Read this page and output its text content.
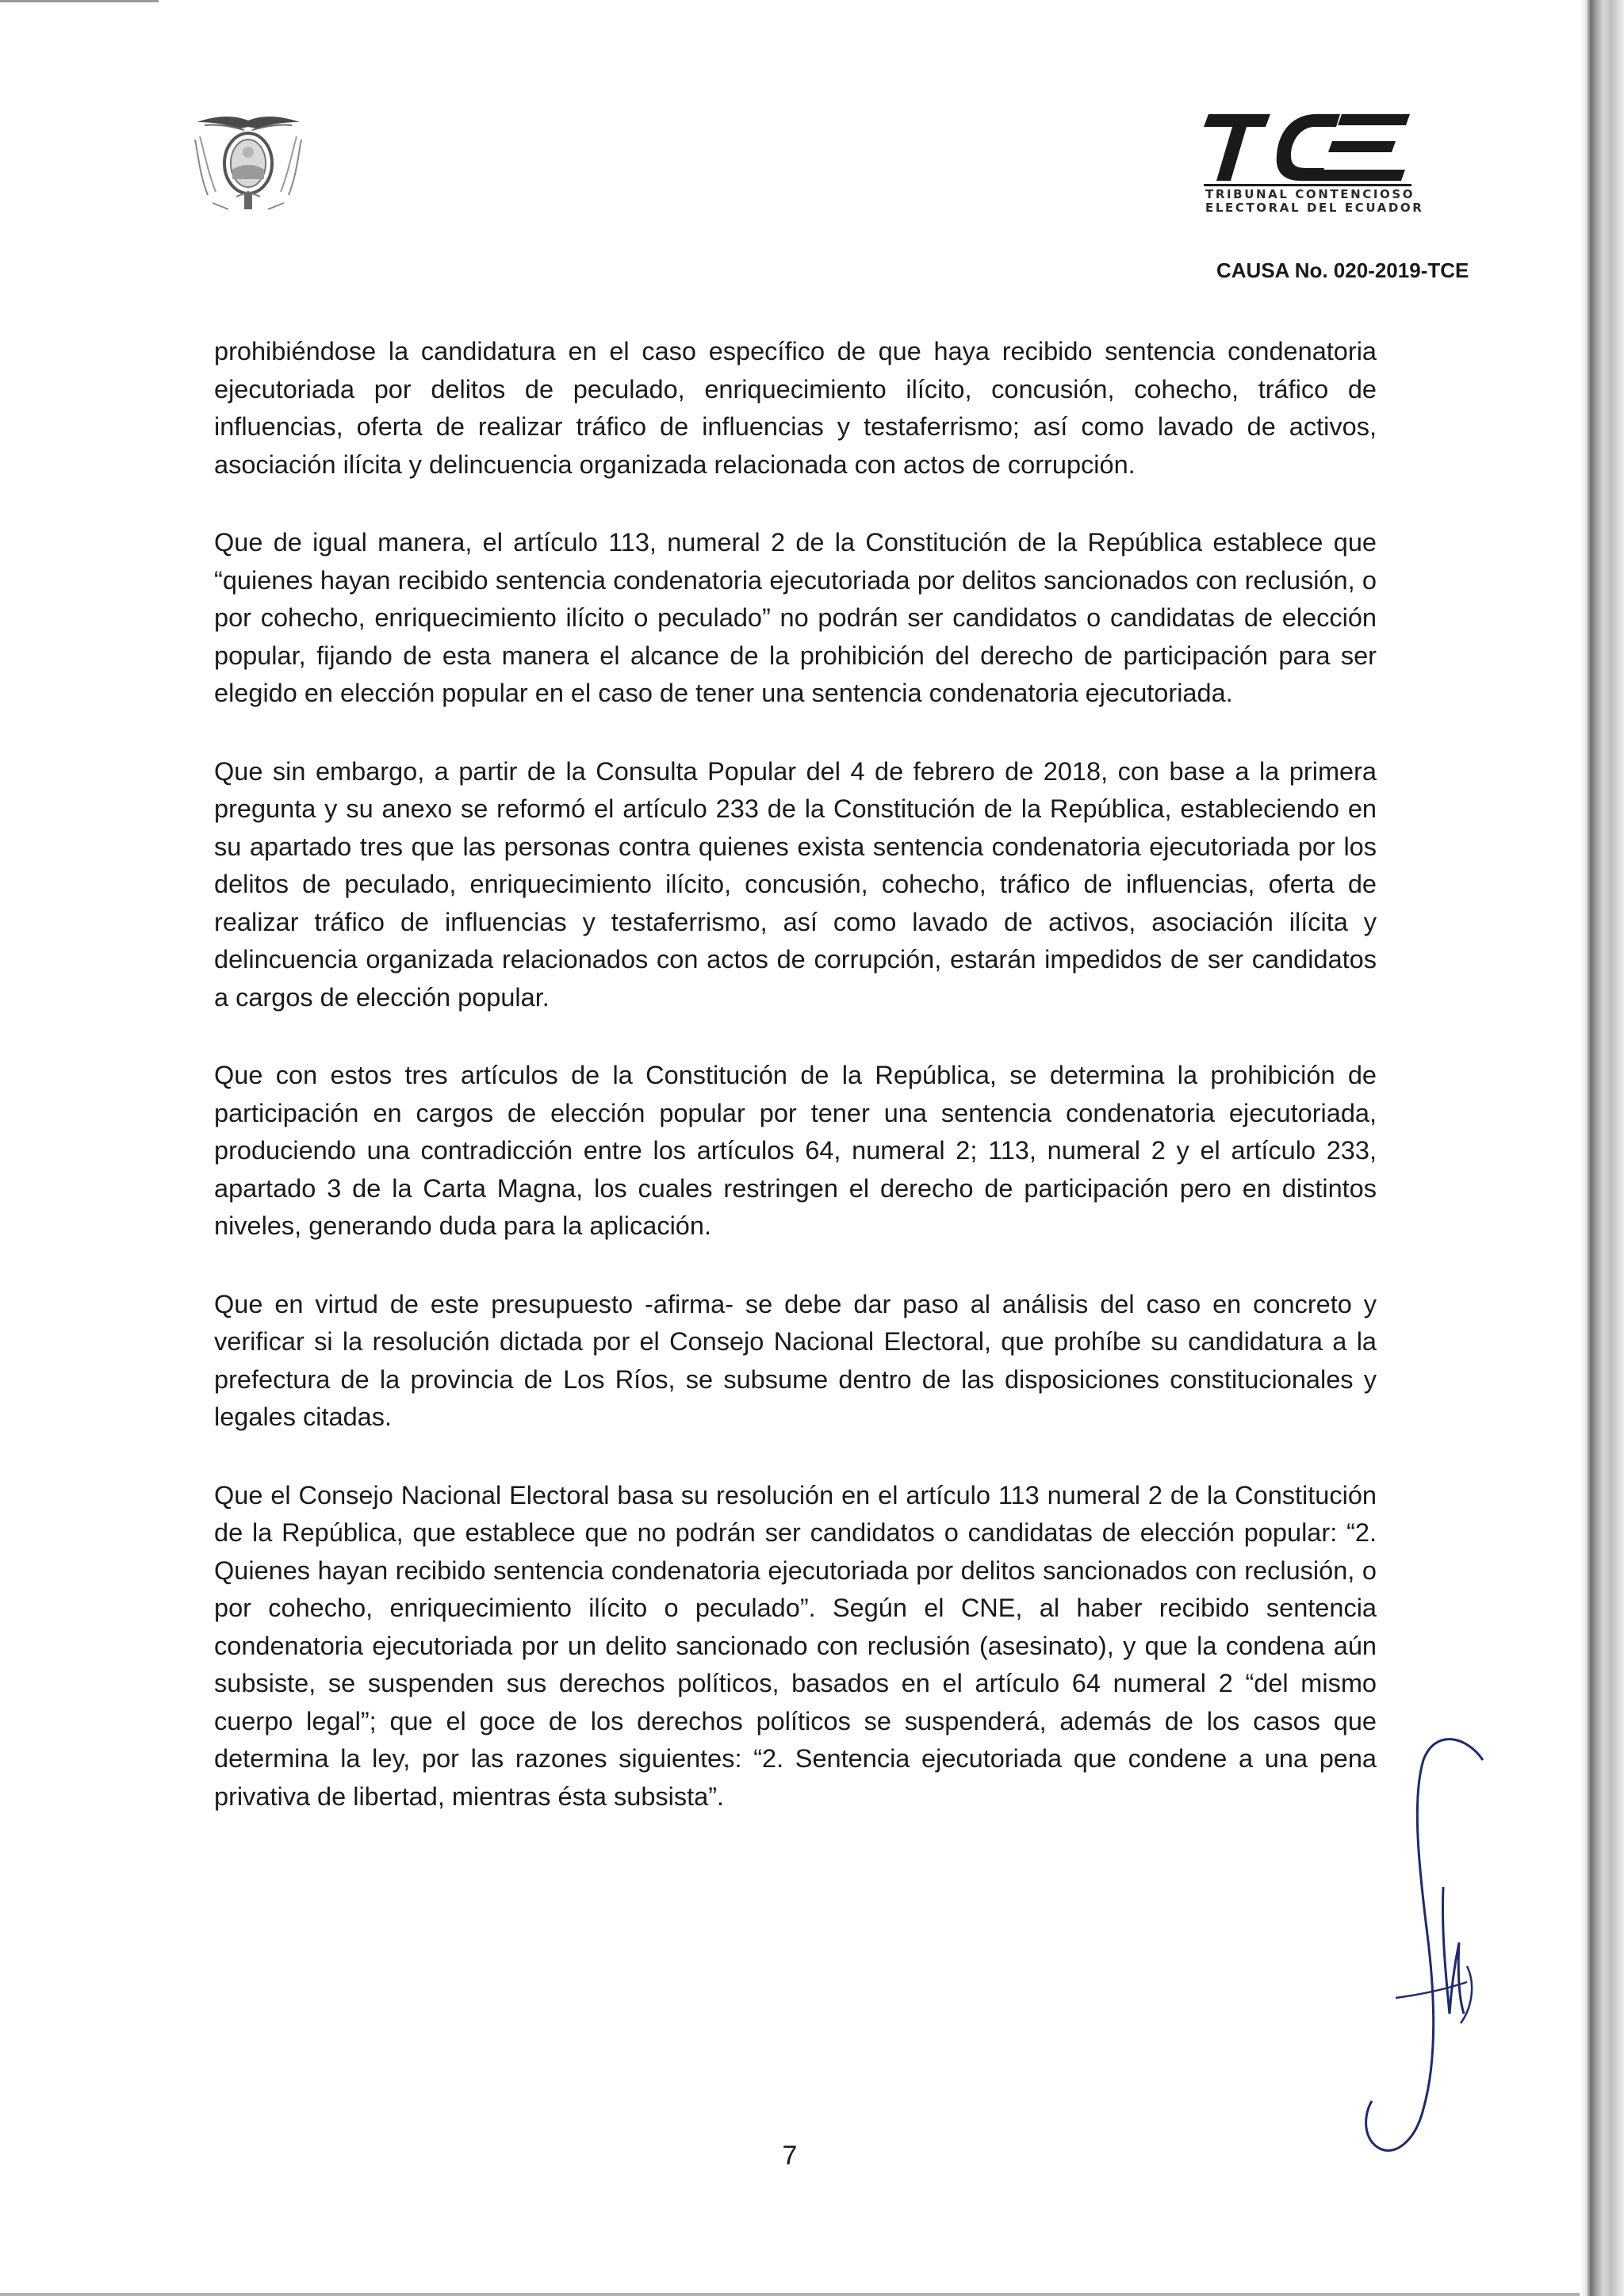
TRIBUNAL CONTENCIOSO
ELECTORAL DEL ECUADOR
CAUSA No. 020-2019-TCE

prohibiéndose la candidatura en el caso específico de que haya recibido sentencia condenatoria ejecutoriada por delitos de peculado, enriquecimiento ilícito, concusión, cohecho, tráfico de influencias, oferta de realizar tráfico de influencias y testaferrismo; así como lavado de activos, asociación ilícita y delincuencia organizada relacionada con actos de corrupción.

Que de igual manera, el artículo 113, numeral 2 de la Constitución de la República establece que “quienes hayan recibido sentencia condenatoria ejecutoriada por delitos sancionados con reclusión, o por cohecho, enriquecimiento ilícito o peculado” no podrán ser candidatos o candidatas de elección popular, fijando de esta manera el alcance de la prohibición del derecho de participación para ser elegido en elección popular en el caso de tener una sentencia condenatoria ejecutoriada.

Que sin embargo, a partir de la Consulta Popular del 4 de febrero de 2018, con base a la primera pregunta y su anexo se reformó el artículo 233 de la Constitución de la República, estableciendo en su apartado tres que las personas contra quienes exista sentencia condenatoria ejecutoriada por los delitos de peculado, enriquecimiento ilícito, concusión, cohecho, tráfico de influencias, oferta de realizar tráfico de influencias y testaferrismo, así como lavado de activos, asociación ilícita y delincuencia organizada relacionados con actos de corrupción, estarán impedidos de ser candidatos a cargos de elección popular.

Que con estos tres artículos de la Constitución de la República, se determina la prohibición de participación en cargos de elección popular por tener una sentencia condenatoria ejecutoriada, produciendo una contradicción entre los artículos 64, numeral 2; 113, numeral 2 y el artículo 233, apartado 3 de la Carta Magna, los cuales restringen el derecho de participación pero en distintos niveles, generando duda para la aplicación.

Que en virtud de este presupuesto -afirma- se debe dar paso al análisis del caso en concreto y verificar si la resolución dictada por el Consejo Nacional Electoral, que prohíbe su candidatura a la prefectura de la provincia de Los Ríos, se subsume dentro de las disposiciones constitucionales y legales citadas.

Que el Consejo Nacional Electoral basa su resolución en el artículo 113 numeral 2 de la Constitución de la República, que establece que no podrán ser candidatos o candidatas de elección popular: “2. Quienes hayan recibido sentencia condenatoria ejecutoriada por delitos sancionados con reclusión, o por cohecho, enriquecimiento ilícito o peculado”. Según el CNE, al haber recibido sentencia condenatoria ejecutoriada por un delito sancionado con reclusión (asesinato), y que la condena aún subsiste, se suspenden sus derechos políticos, basados en el artículo 64 numeral 2 “del mismo cuerpo legal”; que el goce de los derechos políticos se suspenderá, además de los casos que determina la ley, por las razones siguientes: “2. Sentencia ejecutoriada que condene a una pena privativa de libertad, mientras ésta subsista”.

7
